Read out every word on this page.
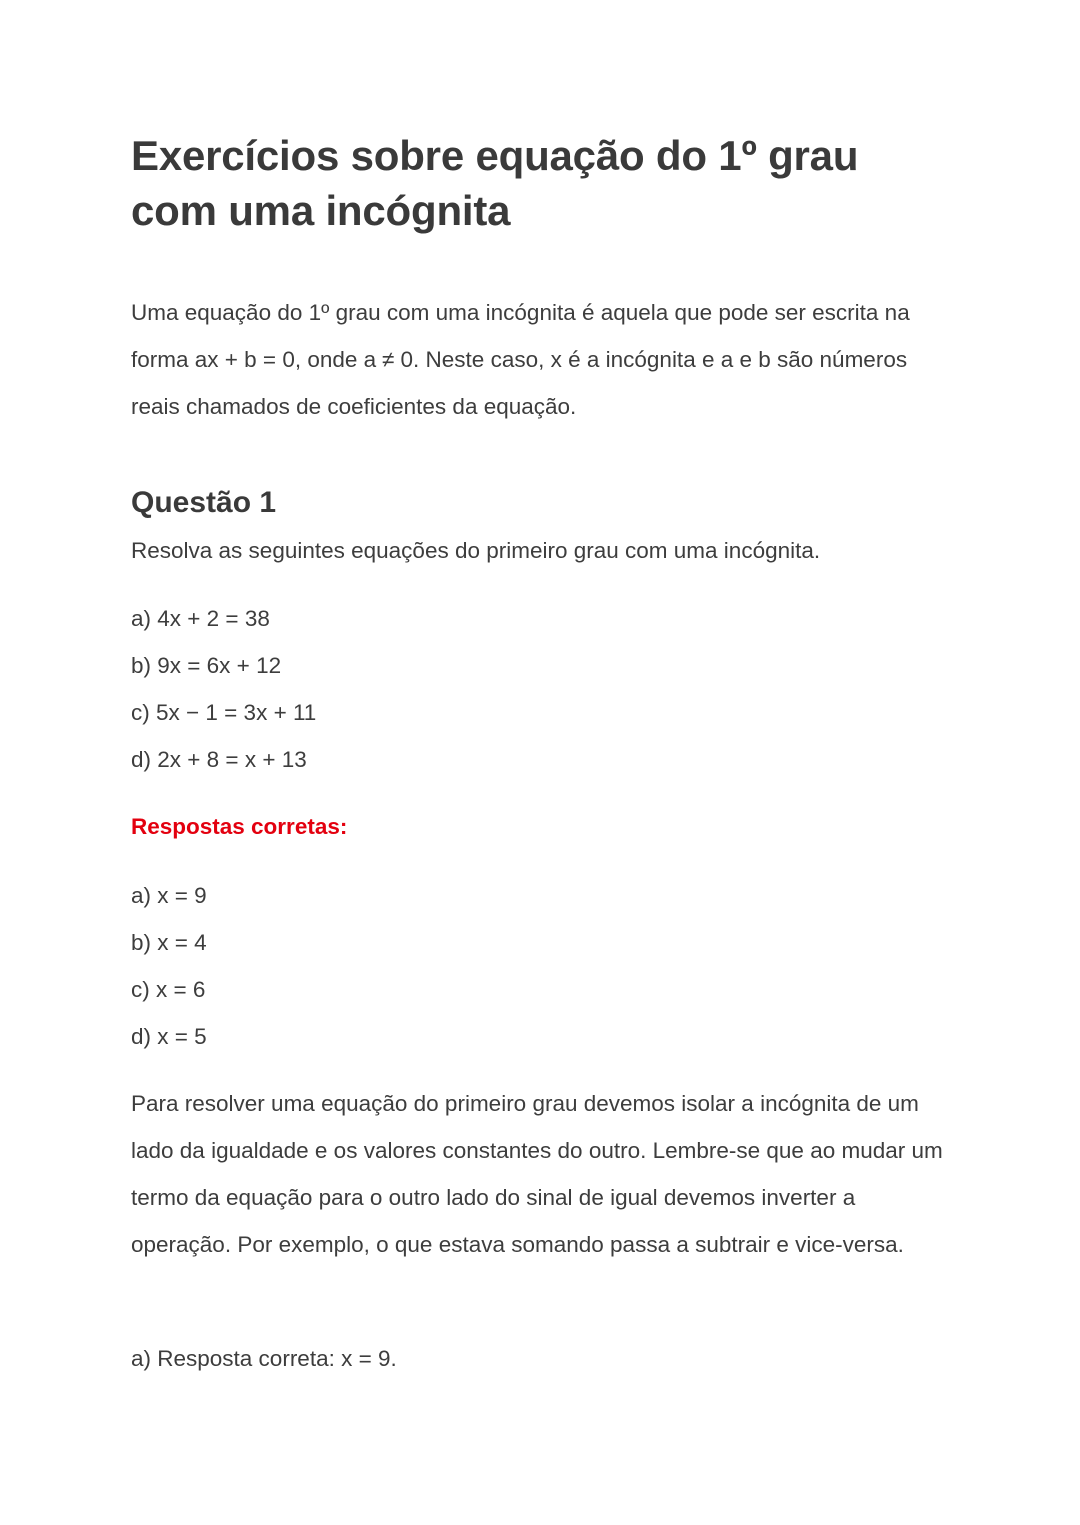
Exercícios sobre equação do 1º grau com uma incógnita

Uma equação do 1º grau com uma incógnita é aquela que pode ser escrita na forma ax + b = 0, onde a ≠ 0. Neste caso, x é a incógnita e a e b são números reais chamados de coeficientes da equação.

Questão 1

Resolva as seguintes equações do primeiro grau com uma incógnita.

a) 4x + 2 = 38
b) 9x = 6x + 12
c) 5x − 1 = 3x + 11
d) 2x + 8 = x + 13

Respostas corretas:

a) x = 9
b) x = 4
c) x = 6
d) x = 5

Para resolver uma equação do primeiro grau devemos isolar a incógnita de um lado da igualdade e os valores constantes do outro. Lembre-se que ao mudar um termo da equação para o outro lado do sinal de igual devemos inverter a operação. Por exemplo, o que estava somando passa a subtrair e vice-versa.

a) Resposta correta: x = 9.
